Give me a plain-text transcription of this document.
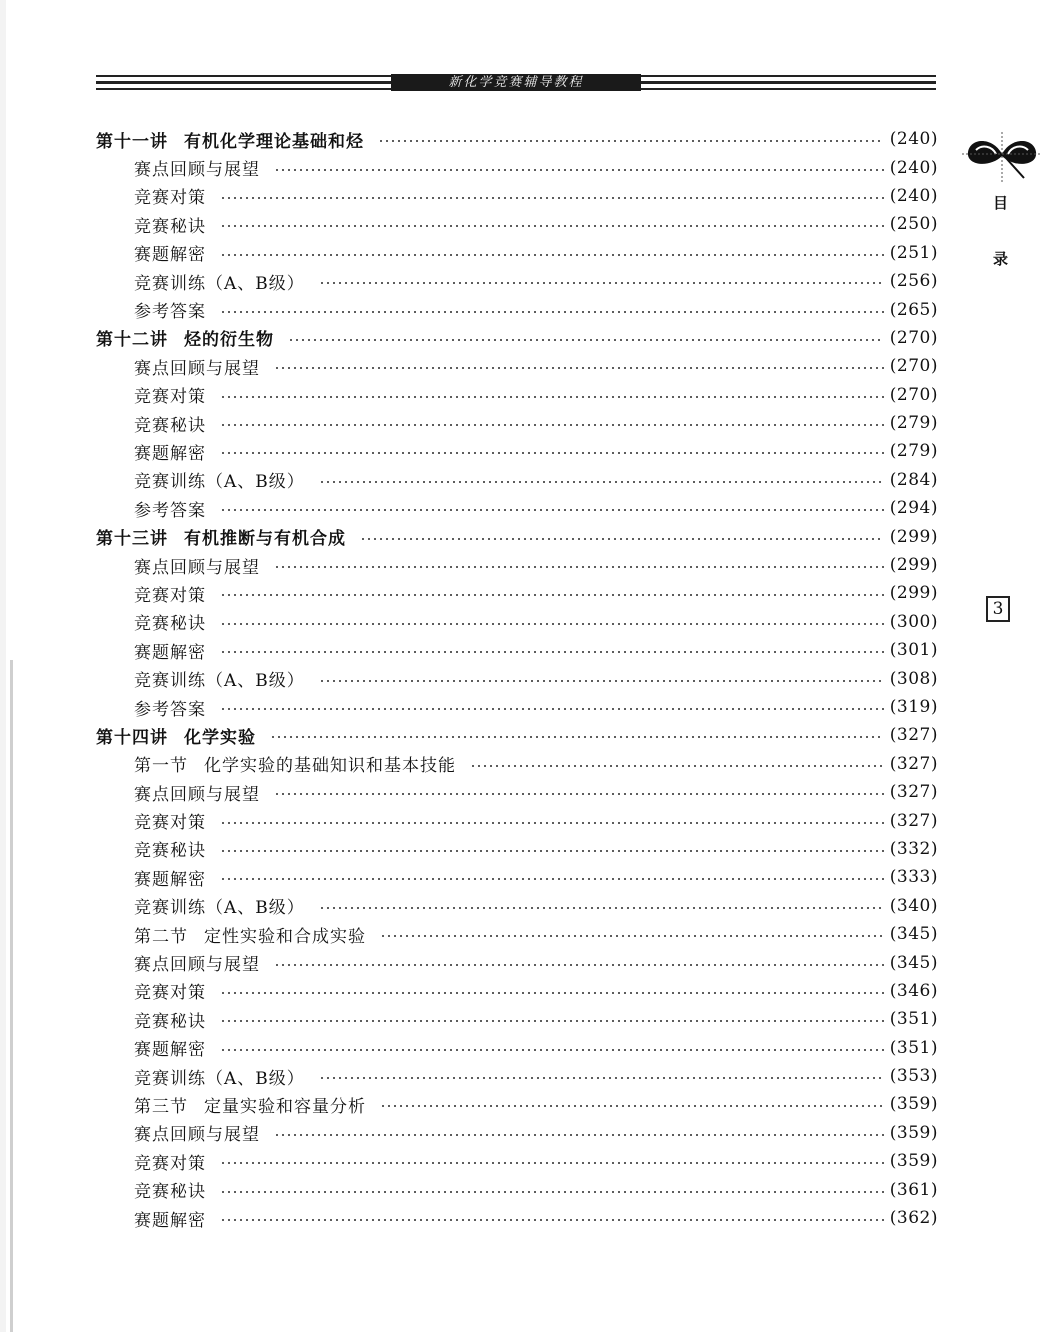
新化学竞赛辅导教程
第十一讲 有机化学理论基础和烃	(240)
赛点回顾与展望	(240)
竞赛对策	(240)
竞赛秘诀	(250)
赛题解密	(251)
竞赛训练（A、B级）	(256)
参考答案	(265)
第十二讲 烃的衍生物	(270)
赛点回顾与展望	(270)
竞赛对策	(270)
竞赛秘诀	(279)
赛题解密	(279)
竞赛训练（A、B级）	(284)
参考答案	(294)
第十三讲 有机推断与有机合成	(299)
赛点回顾与展望	(299)
竞赛对策	(299)
竞赛秘诀	(300)
赛题解密	(301)
竞赛训练（A、B级）	(308)
参考答案	(319)
第十四讲 化学实验	(327)
第一节 化学实验的基础知识和基本技能	(327)
赛点回顾与展望	(327)
竞赛对策	(327)
竞赛秘诀	(332)
赛题解密	(333)
竞赛训练（A、B级）	(340)
第二节 定性实验和合成实验	(345)
赛点回顾与展望	(345)
竞赛对策	(346)
竞赛秘诀	(351)
赛题解密	(351)
竞赛训练（A、B级）	(353)
第三节 定量实验和容量分析	(359)
赛点回顾与展望	(359)
竞赛对策	(359)
竞赛秘诀	(361)
赛题解密	(362)
目
录
3
